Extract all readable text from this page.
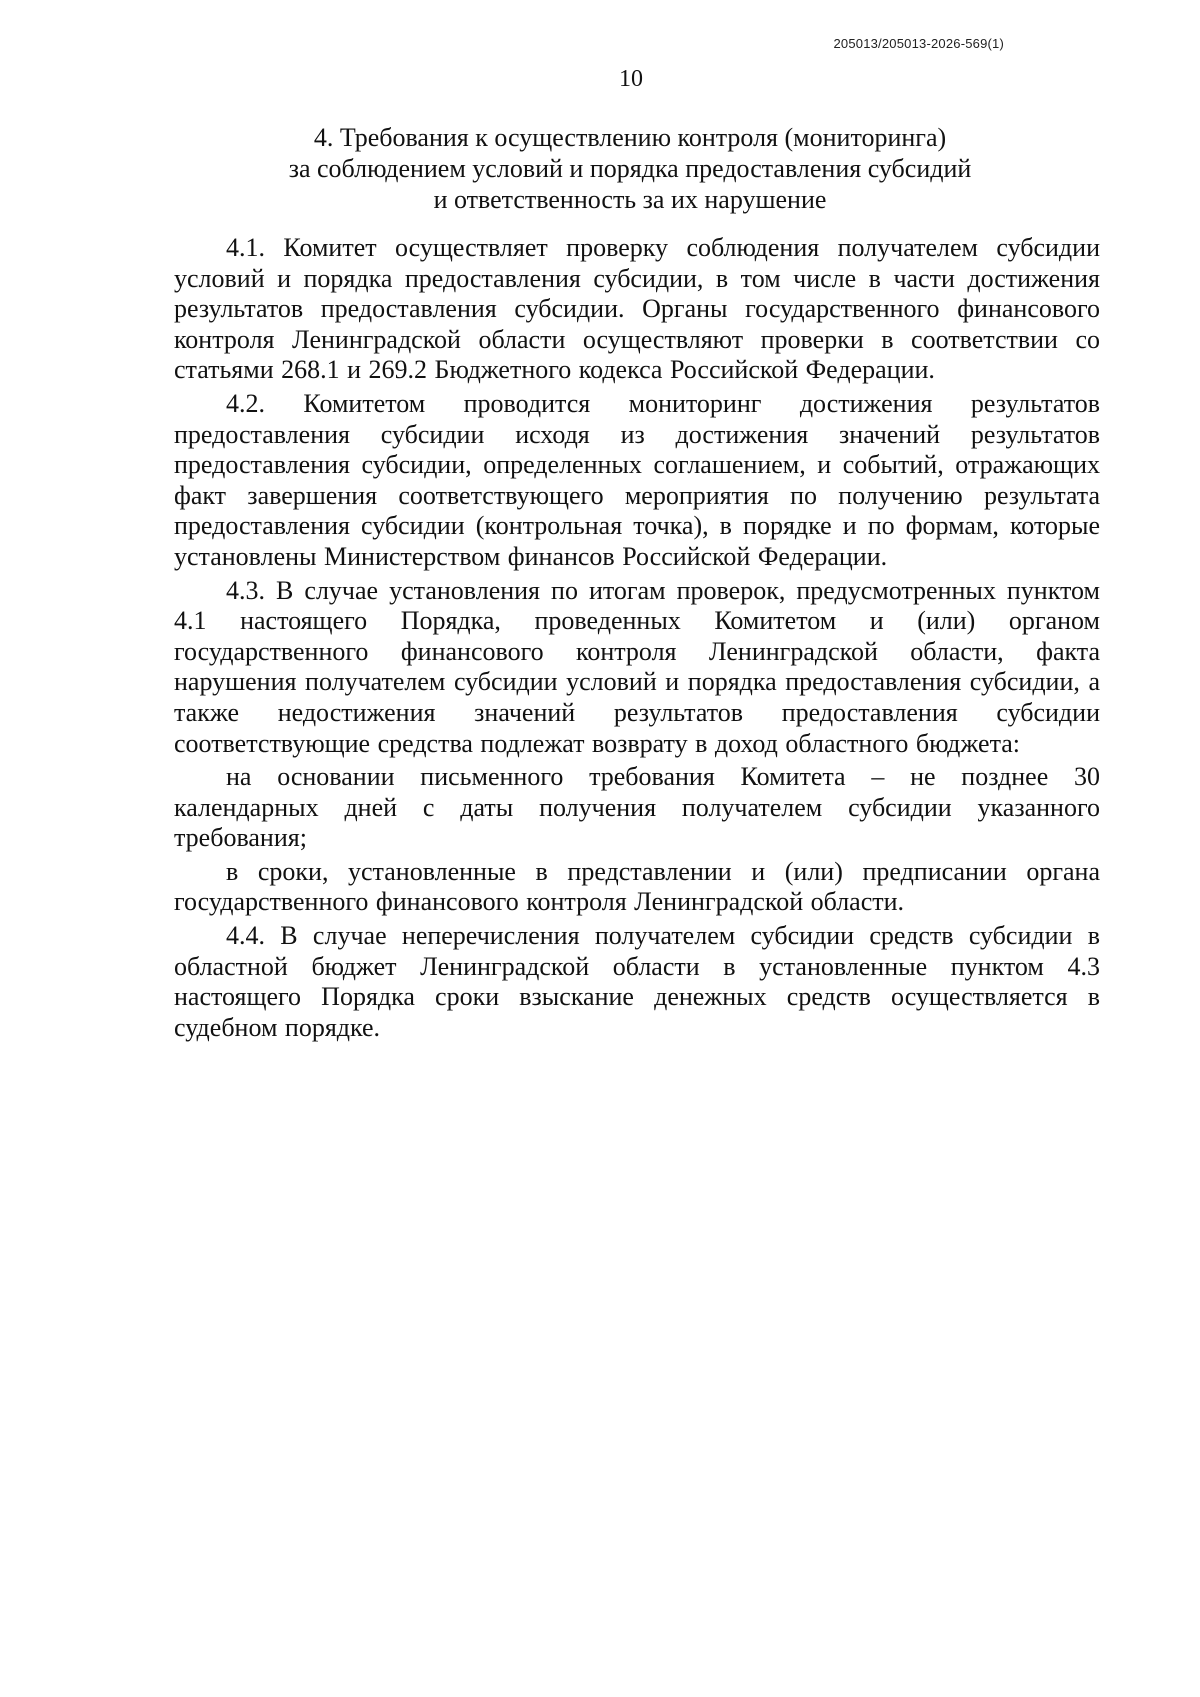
205013/205013-2026-569(1)
10
4. Требования к осуществлению контроля (мониторинга)
за соблюдением условий и порядка предоставления субсидий
и ответственность за их нарушение

4.1. Комитет осуществляет проверку соблюдения получателем субсидии условий и порядка предоставления субсидии, в том числе в части достижения результатов предоставления субсидии. Органы государственного финансового контроля Ленинградской области осуществляют проверки в соответствии со статьями 268.1 и 269.2 Бюджетного кодекса Российской Федерации.

4.2. Комитетом проводится мониторинг достижения результатов предоставления субсидии исходя из достижения значений результатов предоставления субсидии, определенных соглашением, и событий, отражающих факт завершения соответствующего мероприятия по получению результата предоставления субсидии (контрольная точка), в порядке и по формам, которые установлены Министерством финансов Российской Федерации.

4.3. В случае установления по итогам проверок, предусмотренных пунктом 4.1 настоящего Порядка, проведенных Комитетом и (или) органом государственного финансового контроля Ленинградской области, факта нарушения получателем субсидии условий и порядка предоставления субсидии, а также недостижения значений результатов предоставления субсидии соответствующие средства подлежат возврату в доход областного бюджета:

на основании письменного требования Комитета – не позднее 30 календарных дней с даты получения получателем субсидии указанного требования;

в сроки, установленные в представлении и (или) предписании органа государственного финансового контроля Ленинградской области.

4.4. В случае неперечисления получателем субсидии средств субсидии в областной бюджет Ленинградской области в установленные пунктом 4.3 настоящего Порядка сроки взыскание денежных средств осуществляется в судебном порядке.
